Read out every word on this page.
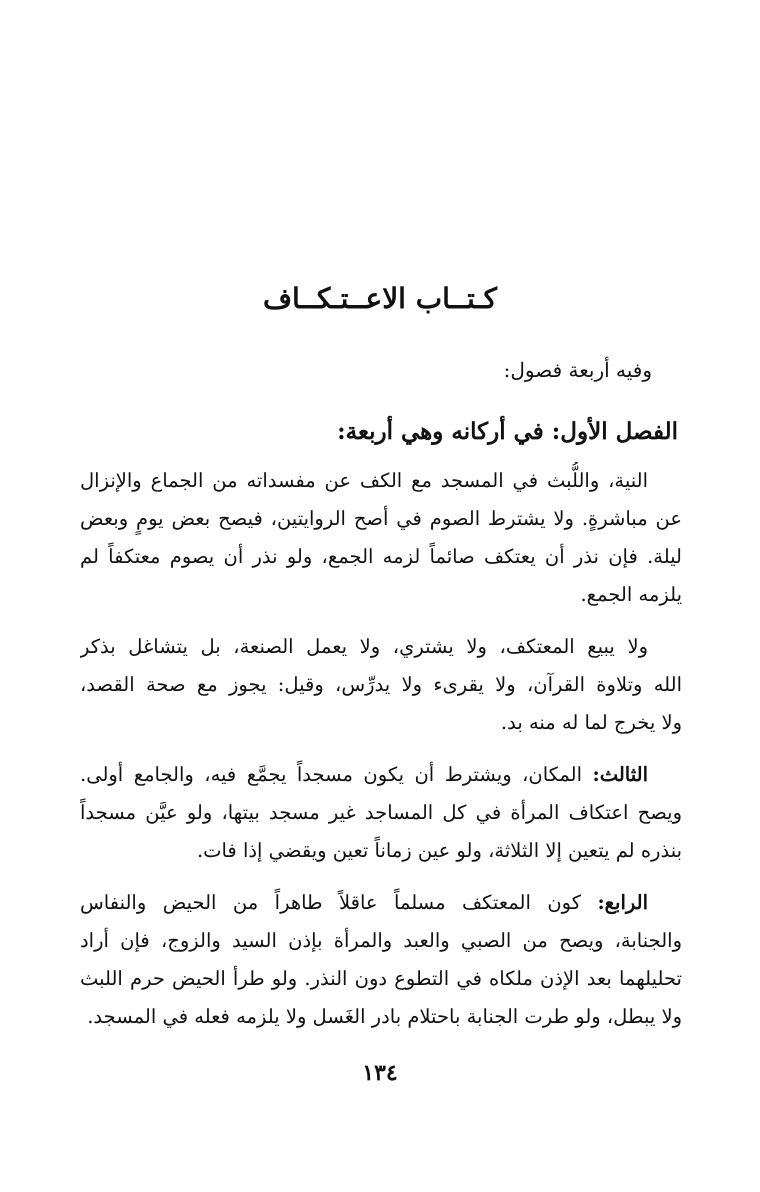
كـتــاب الاعــتـكــاف
وفيه أربعة فصول:
الفصل الأول: في أركانه وهي أربعة:
النية، واللُّبث في المسجد مع الكف عن مفسداته من الجماع والإنزال
عن مباشرةٍ. ولا يشترط الصوم في أصح الروايتين، فيصح بعض يومٍ وبعض
ليلة. فإن نذر أن يعتكف صائماً لزمه الجمع، ولو نذر أن يصوم معتكفاً لم
يلزمه الجمع.
ولا يبيع المعتكف، ولا يشتري، ولا يعمل الصنعة، بل يتشاغل بذكر
الله وتلاوة القرآن، ولا يقرىء ولا يدرِّس، وقيل: يجوز مع صحة القصد،
ولا يخرج لما له منه بد.
الثالث: المكان، ويشترط أن يكون مسجداً يجمَّع فيه، والجامع أولى.
ويصح اعتكاف المرأة في كل المساجد غير مسجد بيتها، ولو عيَّن مسجداً
بنذره لم يتعين إلا الثلاثة، ولو عين زماناً تعين ويقضي إذا فات.
الرابع: كون المعتكف مسلماً عاقلاً طاهراً من الحيض والنفاس
والجنابة، ويصح من الصبي والعبد والمرأة بإذن السيد والزوج، فإن أراد
تحليلهما بعد الإذن ملكاه في التطوع دون النذر. ولو طرأ الحيض حرم اللبث
ولا يبطل، ولو طرت الجنابة باحتلام بادر الغَسل ولا يلزمه فعله في المسجد.
١٣٤
